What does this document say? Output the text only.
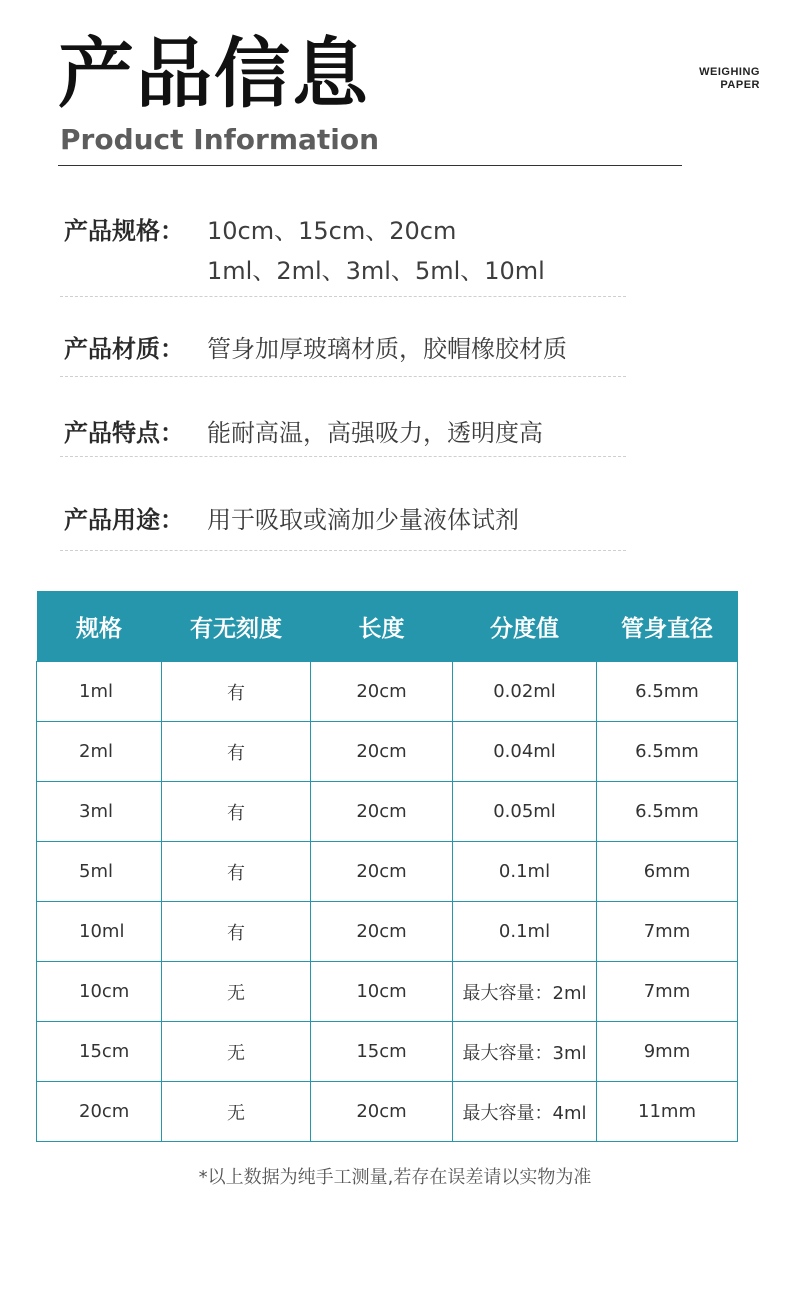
产品信息
Product Information
WEIGHING
PAPER
产品规格： 10cm、15cm、20cm
1ml、2ml、3ml、5ml、10ml
产品材质： 管身加厚玻璃材质，胶帽橡胶材质
产品特点： 能耐高温，高强吸力，透明度高
产品用途： 用于吸取或滴加少量液体试剂
规格	有无刻度	长度	分度值	管身直径
1ml	有	20cm	0.02ml	6.5mm
2ml	有	20cm	0.04ml	6.5mm
3ml	有	20cm	0.05ml	6.5mm
5ml	有	20cm	0.1ml	6mm
10ml	有	20cm	0.1ml	7mm
10cm	无	10cm	最大容量：2ml	7mm
15cm	无	15cm	最大容量：3ml	9mm
20cm	无	20cm	最大容量：4ml	11mm
*以上数据为纯手工测量,若存在误差请以实物为准
